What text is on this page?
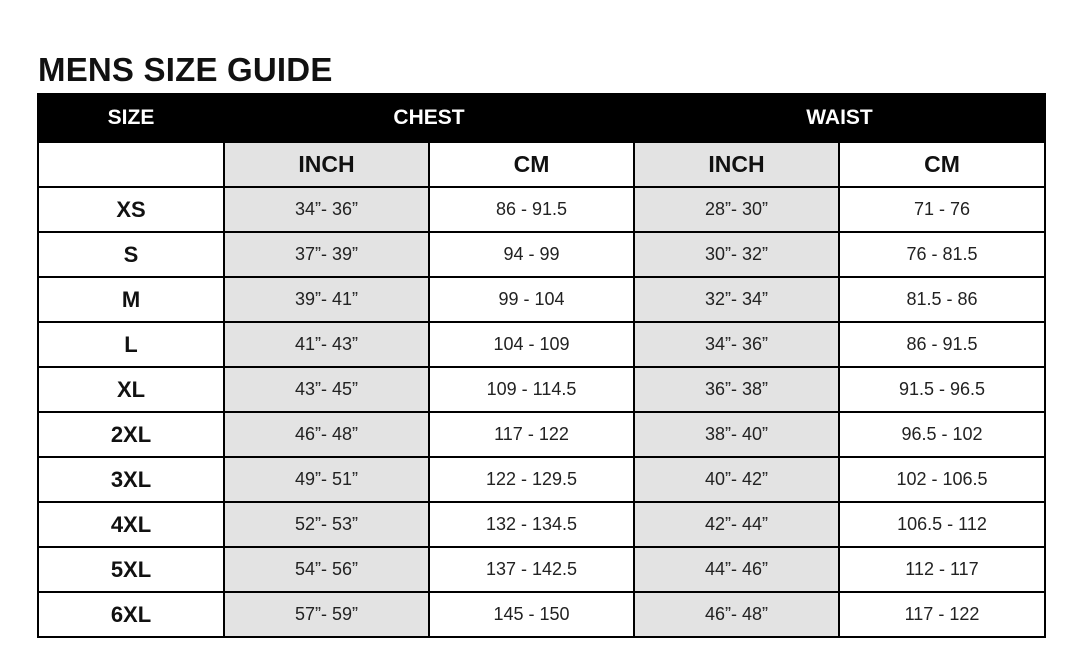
MENS SIZE GUIDE
SIZE	CHEST		WAIST	
	INCH	CM	INCH	CM
XS	34”- 36”	86 - 91.5	28”- 30”	71 - 76
S	37”- 39”	94 - 99	30”- 32”	76 - 81.5
M	39”- 41”	99 - 104	32”- 34”	81.5 - 86
L	41”- 43”	104 - 109	34”- 36”	86 - 91.5
XL	43”- 45”	109 - 114.5	36”- 38”	91.5 - 96.5
2XL	46”- 48”	117 - 122	38”- 40”	96.5 - 102
3XL	49”- 51”	122 - 129.5	40”- 42”	102 - 106.5
4XL	52”- 53”	132 - 134.5	42”- 44”	106.5 - 112
5XL	54”- 56”	137 - 142.5	44”- 46”	112 - 117
6XL	57”- 59”	145 - 150	46”- 48”	117 - 122
